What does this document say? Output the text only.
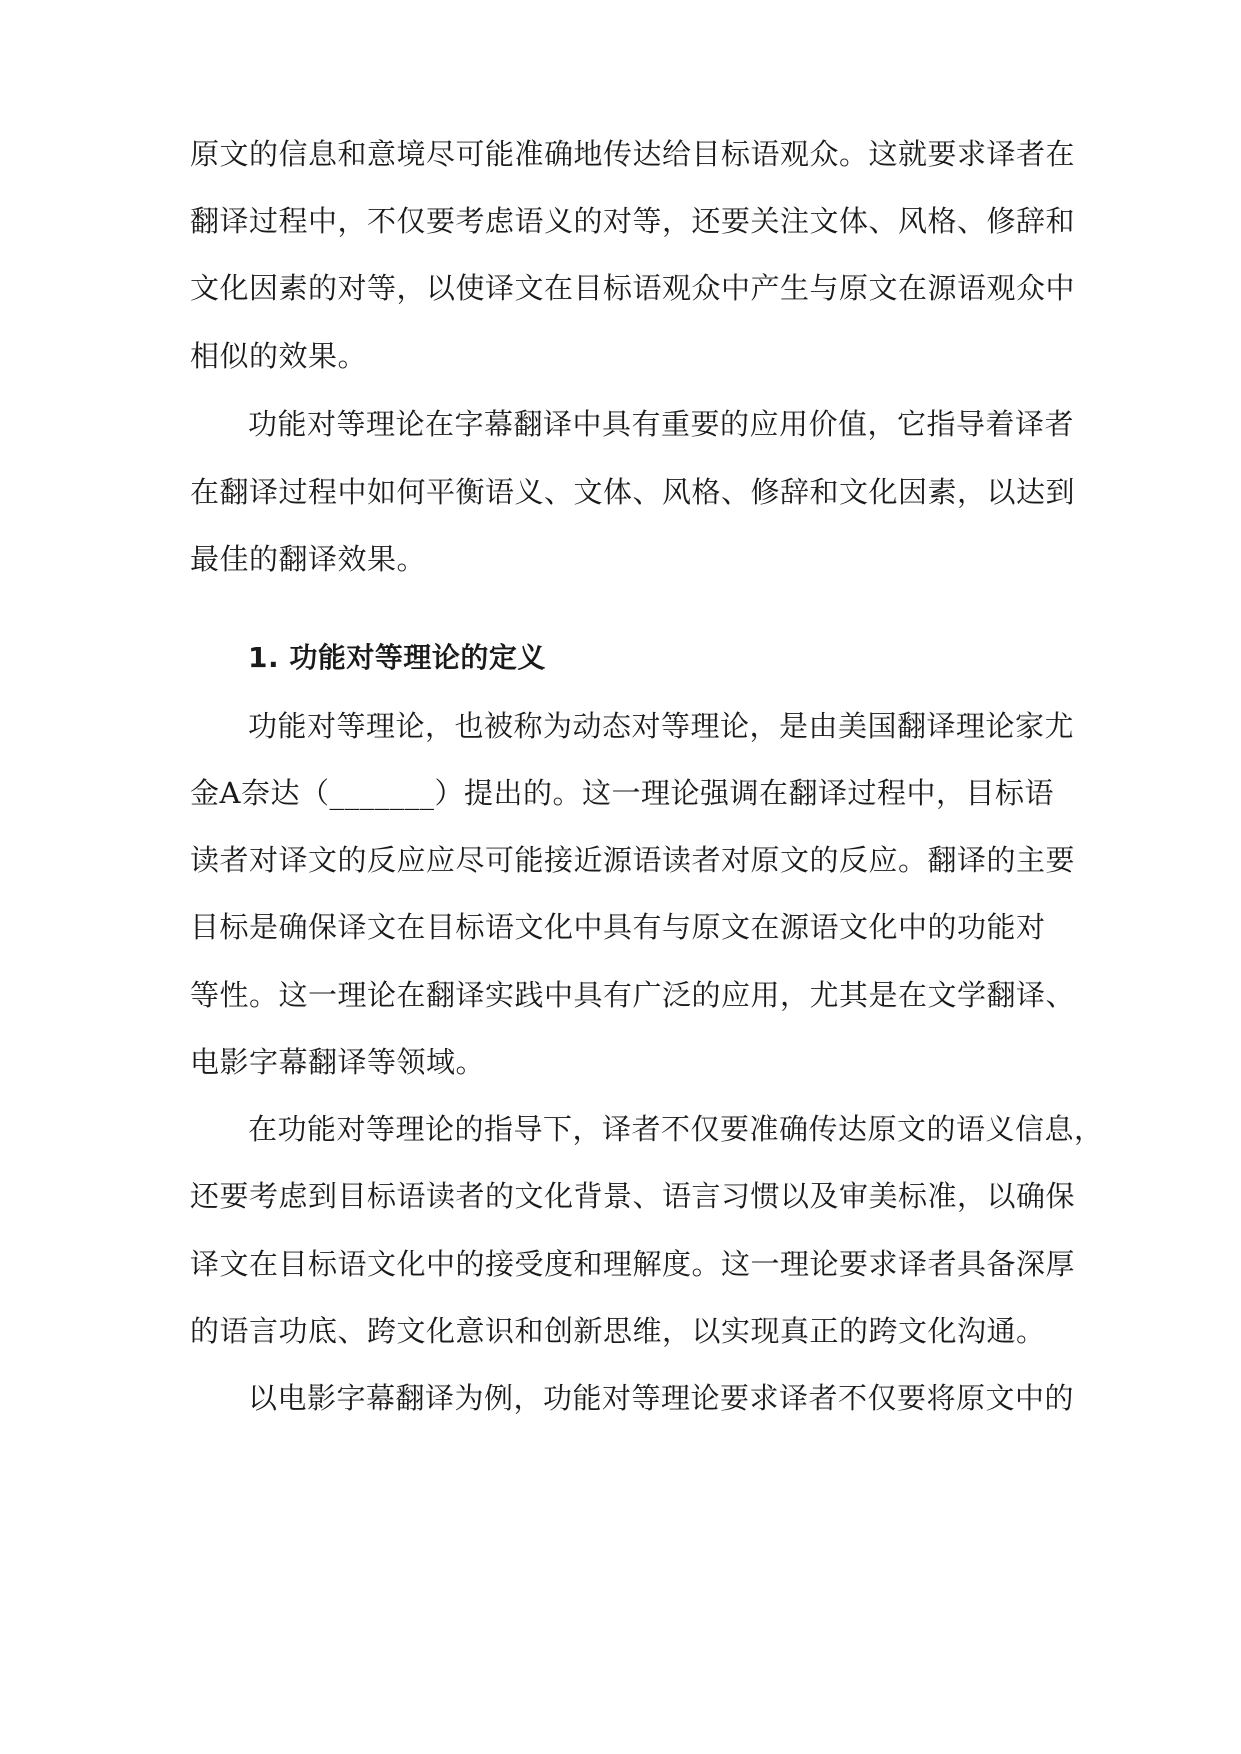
原文的信息和意境尽可能准确地传达给目标语观众。这就要求译者在

翻译过程中，不仅要考虑语义的对等，还要关注文体、风格、修辞和

文化因素的对等，以使译文在目标语观众中产生与原文在源语观众中

相似的效果。

功能对等理论在字幕翻译中具有重要的应用价值，它指导着译者

在翻译过程中如何平衡语义、文体、风格、修辞和文化因素，以达到

最佳的翻译效果。

1. 功能对等理论的定义

功能对等理论，也被称为动态对等理论，是由美国翻译理论家尤

金A奈达（_______）提出的。这一理论强调在翻译过程中，目标语

读者对译文的反应应尽可能接近源语读者对原文的反应。翻译的主要

目标是确保译文在目标语文化中具有与原文在源语文化中的功能对

等性。这一理论在翻译实践中具有广泛的应用，尤其是在文学翻译、

电影字幕翻译等领域。

在功能对等理论的指导下，译者不仅要准确传达原文的语义信息，

还要考虑到目标语读者的文化背景、语言习惯以及审美标准，以确保

译文在目标语文化中的接受度和理解度。这一理论要求译者具备深厚

的语言功底、跨文化意识和创新思维，以实现真正的跨文化沟通。

以电影字幕翻译为例，功能对等理论要求译者不仅要将原文中的
